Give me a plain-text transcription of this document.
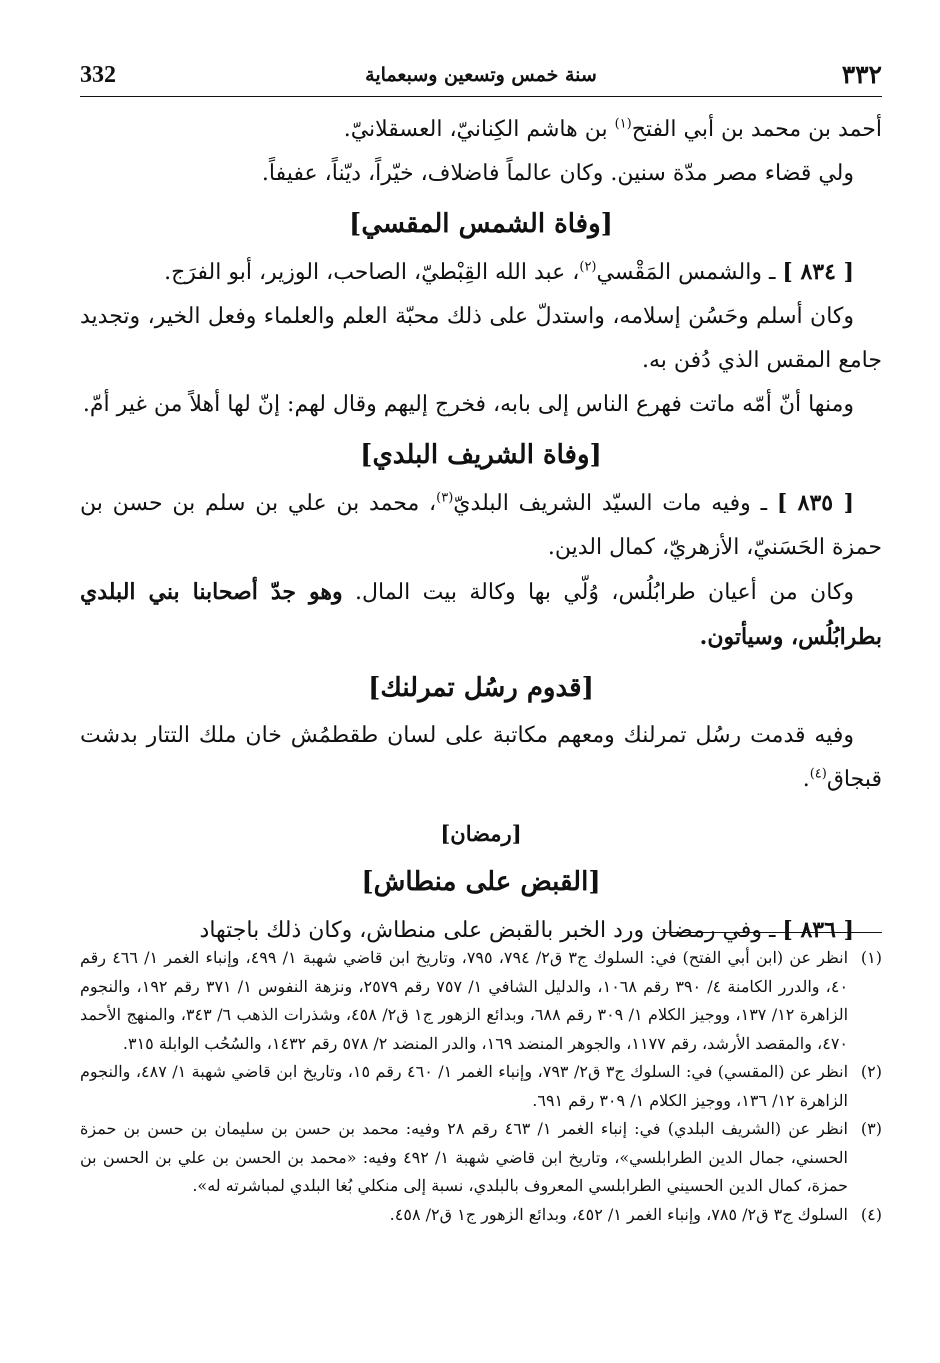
332	سنة خمس وتسعين وسبعماية	٣٣٢

أحمد بن محمد بن أبي الفتح$^{(١)}$ بن هاشم الكِنانيّ، العسقلانيّ.

ولي قضاء مصر مدّة سنين. وكان عالماً فاضلاف، خيّراً، ديّناً، عفيفاً.

[وفاة الشمس المقسي]

[ ٨٣٤ ] ـ والشمس المَقْسي$^{(٢)}$، عبد الله القِبْطيّ، الصاحب، الوزير، أبو الفرَج.

وكان أسلم وحَسُن إسلامه، واستدلّ على ذلك محبّة العلم والعلماء وفعل الخير، وتجديد جامع المقس الذي دُفن به.

ومنها أنّ أمّه ماتت فهرع الناس إلى بابه، فخرج إليهم وقال لهم: إنّ لها أهلاً من غير أمّ.

[وفاة الشريف البلدي]

[ ٨٣٥ ] ـ وفيه مات السيّد الشريف البلديّ$^{(٣)}$، محمد بن علي بن سلم بن حسن بن حمزة الحَسَنيّ، الأزهريّ، كمال الدين.

وكان من أعيان طرابُلُس، وُلّي بها وكالة بيت المال. وهو جدّ أصحابنا بني البلدي بطرابُلُس، وسيأتون.

[قدوم رسُل تمرلنك]

وفيه قدمت رسُل تمرلنك ومعهم مكاتبة على لسان طقطمُش خان ملك التتار بدشت قبجاق$^{(٤)}$.

[رمضان]
[القبض على منطاش]

[ ٨٣٦ ] ـ وفي رمضان ورد الخبر بالقبض على منطاش، وكان ذلك باجتهاد

(١)
انظر عن (ابن أبي الفتح) في: السلوك ج٣ ق٢/ ٧٩٤، ٧٩٥، وتاريخ ابن قاضي شهبة ١/ ٤٩٩، وإنباء الغمر ١/ ٤٦٦ رقم ٤٠، والدرر الكامنة ٤/ ٣٩٠ رقم ١٠٦٨، والدليل الشافي ١/ ٧٥٧ رقم ٢٥٧٩، ونزهة النفوس ١/ ٣٧١ رقم ١٩٢، والنجوم الزاهرة ١٢/ ١٣٧، ووجيز الكلام ١/ ٣٠٩ رقم ٦٨٨، وبدائع الزهور ج١ ق٢/ ٤٥٨، وشذرات الذهب ٦/ ٣٤٣، والمنهج الأحمد ٤٧٠، والمقصد الأرشد، رقم ١١٧٧، والجوهر المنضد ١٦٩، والدر المنضد ٢/ ٥٧٨ رقم ١٤٣٢، والسُحُب الوابلة ٣١٥.
(٢)
انظر عن (المقسي) في: السلوك ج٣ ق٢/ ٧٩٣، وإنباء الغمر ١/ ٤٦٠ رقم ١٥، وتاريخ ابن قاضي شهبة ١/ ٤٨٧، والنجوم الزاهرة ١٢/ ١٣٦، ووجيز الكلام ١/ ٣٠٩ رقم ٦٩١.
(٣)
انظر عن (الشريف البلدي) في: إنباء الغمر ١/ ٤٦٣ رقم ٢٨ وفيه: محمد بن حسن بن سليمان بن حسن بن حمزة الحسني، جمال الدين الطرابلسي»، وتاريخ ابن قاضي شهبة ١/ ٤٩٢ وفيه: «محمد بن الحسن بن علي بن الحسن بن حمزة، كمال الدين الحسيني الطرابلسي المعروف بالبلدي، نسبة إلى منكلي بُغا البلدي لمباشرته له».
(٤)
السلوك ج٣ ق٢/ ٧٨٥، وإنباء الغمر ١/ ٤٥٢، وبدائع الزهور ج١ ق٢/ ٤٥٨.
